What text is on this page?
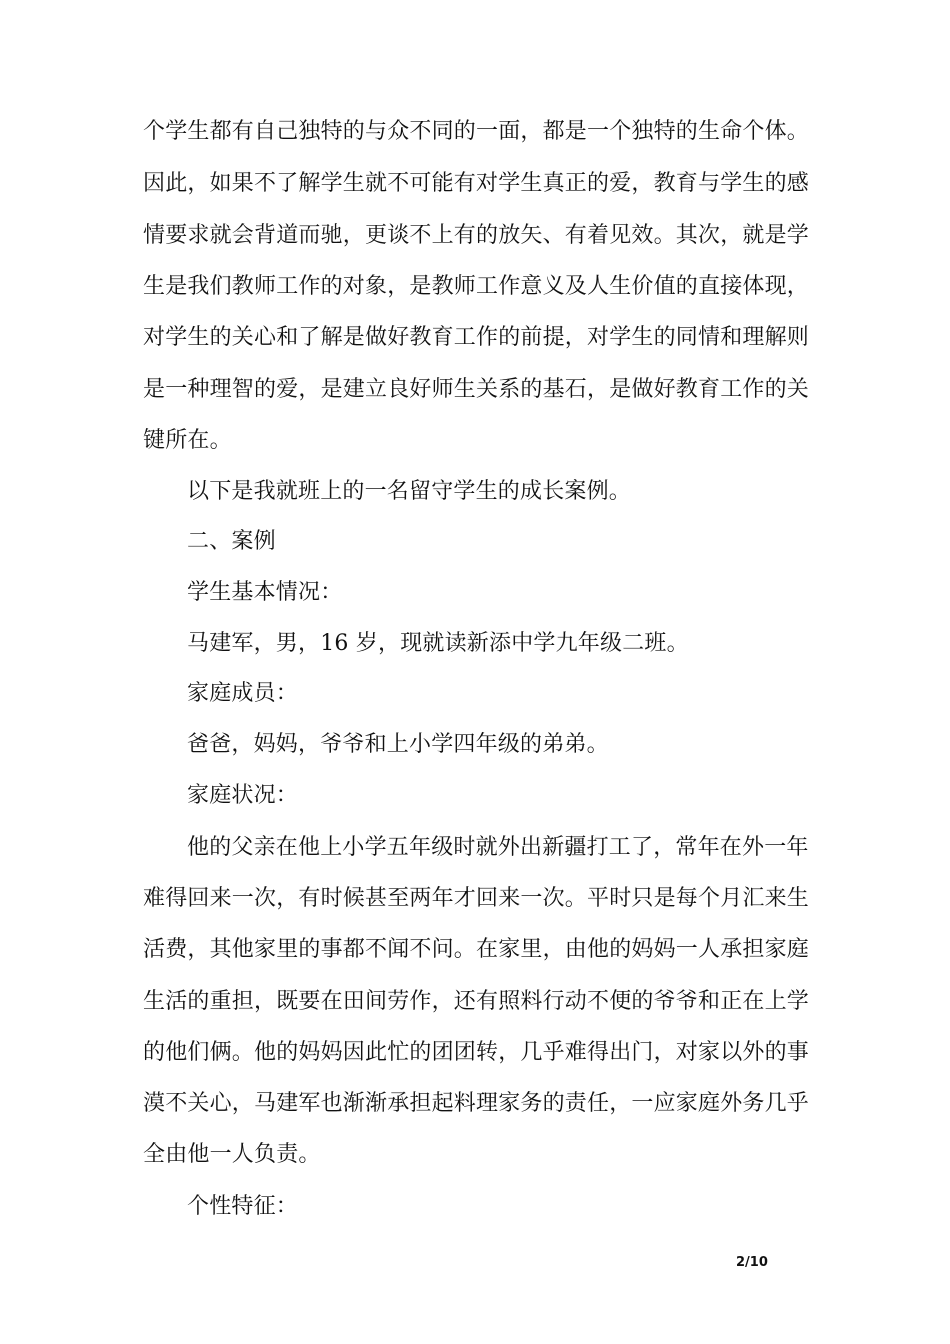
个学生都有自己独特的与众不同的一面，都是一个独特的生命个体。
因此，如果不了解学生就不可能有对学生真正的爱，教育与学生的感
情要求就会背道而驰，更谈不上有的放矢、有着见效。其次，就是学
生是我们教师工作的对象，是教师工作意义及人生价值的直接体现，
对学生的关心和了解是做好教育工作的前提，对学生的同情和理解则
是一种理智的爱，是建立良好师生关系的基石，是做好教育工作的关
键所在。
以下是我就班上的一名留守学生的成长案例。
二、案例
学生基本情况：
马建军，男，16 岁，现就读新添中学九年级二班。
家庭成员：
爸爸，妈妈，爷爷和上小学四年级的弟弟。
家庭状况：
他的父亲在他上小学五年级时就外出新疆打工了，常年在外一年
难得回来一次，有时候甚至两年才回来一次。平时只是每个月汇来生
活费，其他家里的事都不闻不问。在家里，由他的妈妈一人承担家庭
生活的重担，既要在田间劳作，还有照料行动不便的爷爷和正在上学
的他们俩。他的妈妈因此忙的团团转，几乎难得出门，对家以外的事
漠不关心，马建军也渐渐承担起料理家务的责任，一应家庭外务几乎
全由他一人负责。
个性特征：
2/10
